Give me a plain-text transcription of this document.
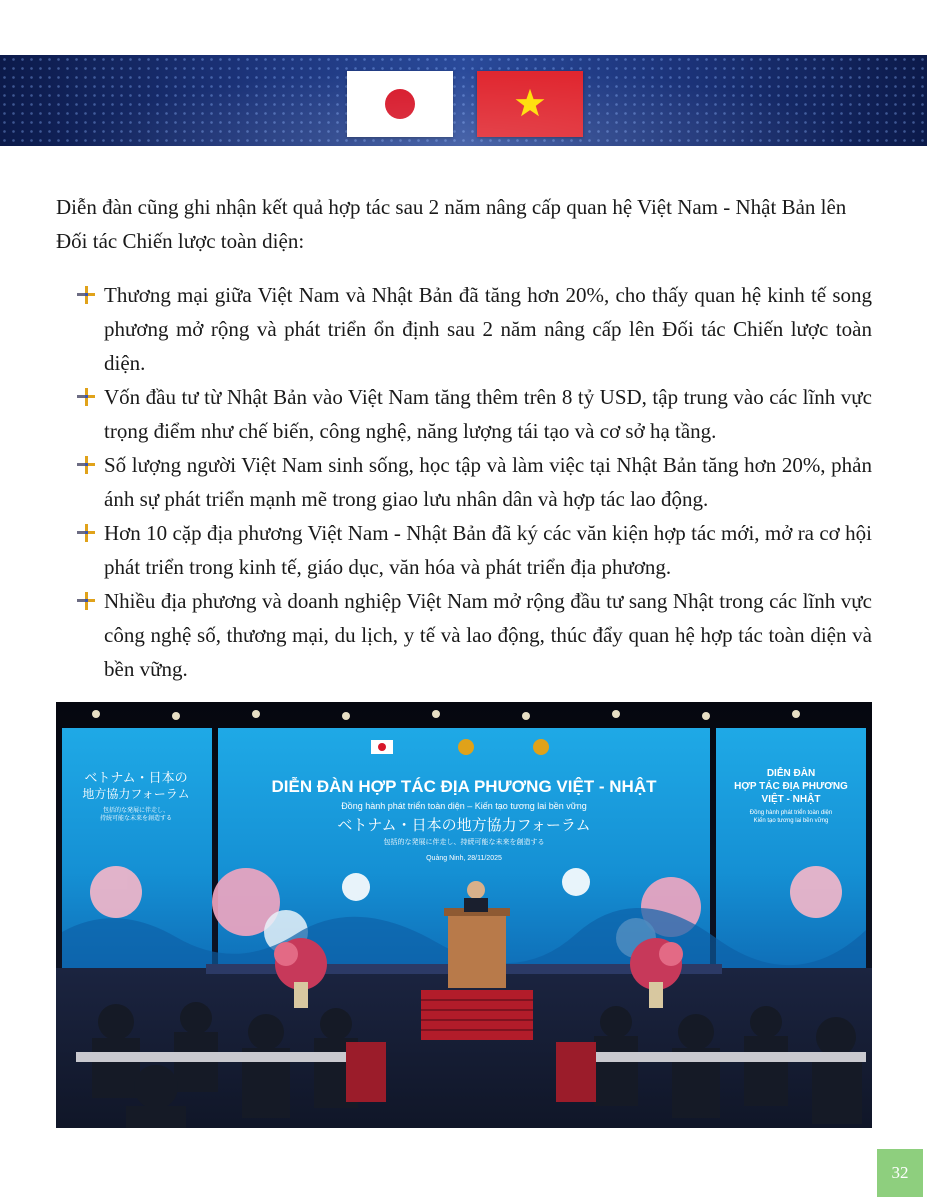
Diễn đàn cũng ghi nhận kết quả hợp tác sau 2 năm nâng cấp quan hệ Việt Nam - Nhật Bản lên Đối tác Chiến lược toàn diện:

Thương mại giữa Việt Nam và Nhật Bản đã tăng hơn 20%, cho thấy quan hệ kinh tế song phương mở rộng và phát triển ổn định sau 2 năm nâng cấp lên Đối tác Chiến lược toàn diện.
Vốn đầu tư từ Nhật Bản vào Việt Nam tăng thêm trên 8 tỷ USD, tập trung vào các lĩnh vực trọng điểm như chế biến, công nghệ, năng lượng tái tạo và cơ sở hạ tầng.
Số lượng người Việt Nam sinh sống, học tập và làm việc tại Nhật Bản tăng hơn 20%, phản ánh sự phát triển mạnh mẽ trong giao lưu nhân dân và hợp tác lao động.
Hơn 10 cặp địa phương Việt Nam - Nhật Bản đã ký các văn kiện hợp tác mới, mở ra cơ hội phát triển trong kinh tế, giáo dục, văn hóa và phát triển địa phương.
Nhiều địa phương và doanh nghiệp Việt Nam mở rộng đầu tư sang Nhật trong các lĩnh vực công nghệ số, thương mại, du lịch, y tế và lao động, thúc đẩy quan hệ hợp tác toàn diện và bền vững.
DIỄN ĐÀN HỢP TÁC ĐỊA PHƯƠNG VIỆT - NHẬT
Đồng hành phát triển toàn diện – Kiến tạo tương lai bền vững
ベトナム・日本の地方協力フォーラム
包括的な発展に伴走し、持続可能な未来を創造する
Quảng Ninh, 28/11/2025
ベトナム・日本の
地方協力フォーラム
包括的な発展に伴走し、
持続可能な未来を創造する
DIỄN ĐÀN
HỢP TÁC ĐỊA PHƯƠNG
VIỆT - NHẬT
Đồng hành phát triển toàn diện
Kiến tạo tương lai bền vững
32
